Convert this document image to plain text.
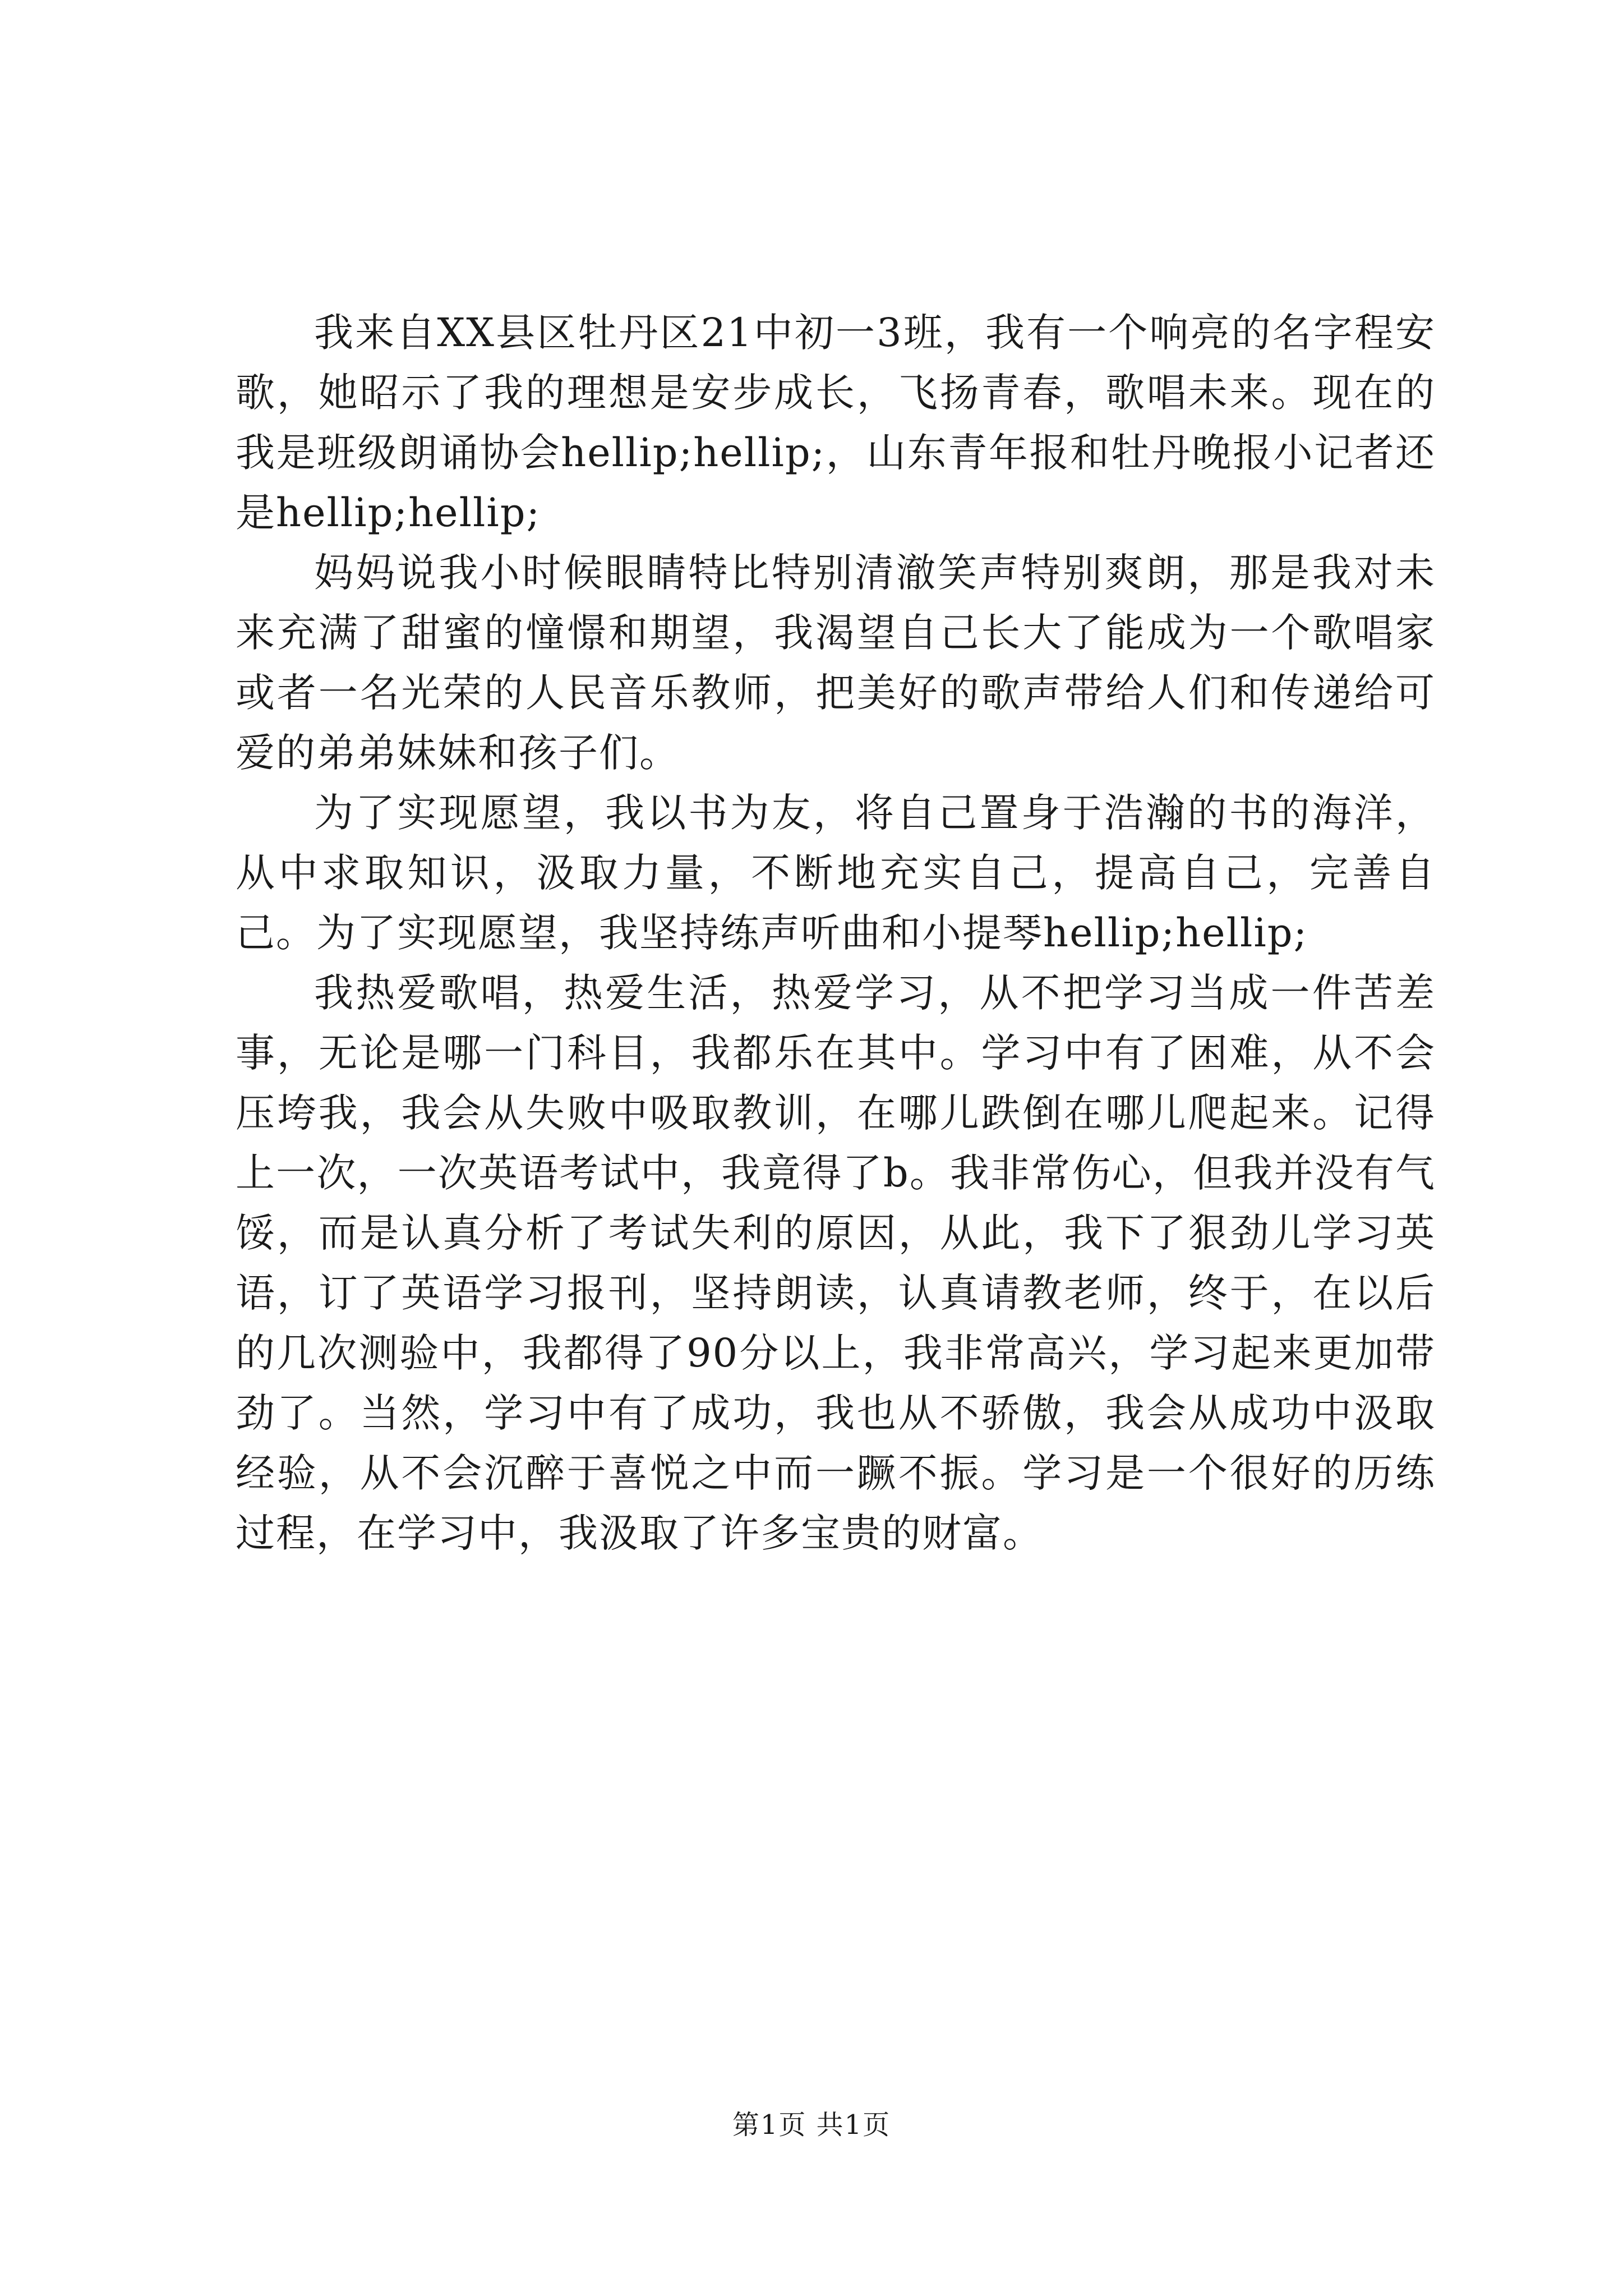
我来自XX县区牡丹区21中初一3班，我有一个响亮的名字程安歌，她昭示了我的理想是安步成长，飞扬青春，歌唱未来。现在的我是班级朗诵协会hellip;hellip;，山东青年报和牡丹晚报小记者还是hellip;hellip;

妈妈说我小时候眼睛特比特别清澈笑声特别爽朗，那是我对未来充满了甜蜜的憧憬和期望，我渴望自己长大了能成为一个歌唱家或者一名光荣的人民音乐教师，把美好的歌声带给人们和传递给可爱的弟弟妹妹和孩子们。

为了实现愿望，我以书为友，将自己置身于浩瀚的书的海洋，从中求取知识，汲取力量，不断地充实自己，提高自己，完善自己。为了实现愿望，我坚持练声听曲和小提琴hellip;hellip;

我热爱歌唱，热爱生活，热爱学习，从不把学习当成一件苦差事，无论是哪一门科目，我都乐在其中。学习中有了困难，从不会压垮我，我会从失败中吸取教训，在哪儿跌倒在哪儿爬起来。记得上一次，一次英语考试中，我竟得了b。我非常伤心，但我并没有气馁，而是认真分析了考试失利的原因，从此，我下了狠劲儿学习英语，订了英语学习报刊，坚持朗读，认真请教老师，终于，在以后的几次测验中，我都得了90分以上，我非常高兴，学习起来更加带劲了。当然，学习中有了成功，我也从不骄傲，我会从成功中汲取经验，从不会沉醉于喜悦之中而一蹶不振。学习是一个很好的历练过程，在学习中，我汲取了许多宝贵的财富。

第1页 共1页
